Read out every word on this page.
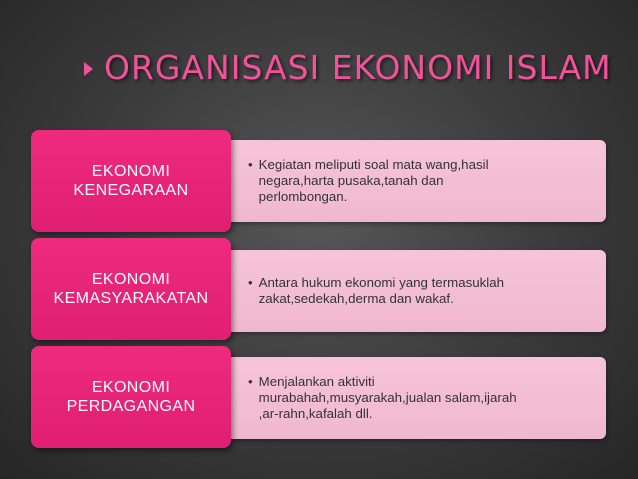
ORGANISASI EKONOMI ISLAM
• Kegiatan meliputi soal mata wang,hasil
negara,harta pusaka,tanah dan
perlombongan.
EKONOMI
KENEGARAAN
• Antara hukum ekonomi yang termasuklah
zakat,sedekah,derma dan wakaf.
EKONOMI
KEMASYARAKATAN
• Menjalankan aktiviti
murabahah,musyarakah,jualan salam,ijarah
,ar-rahn,kafalah dll.
EKONOMI
PERDAGANGAN
